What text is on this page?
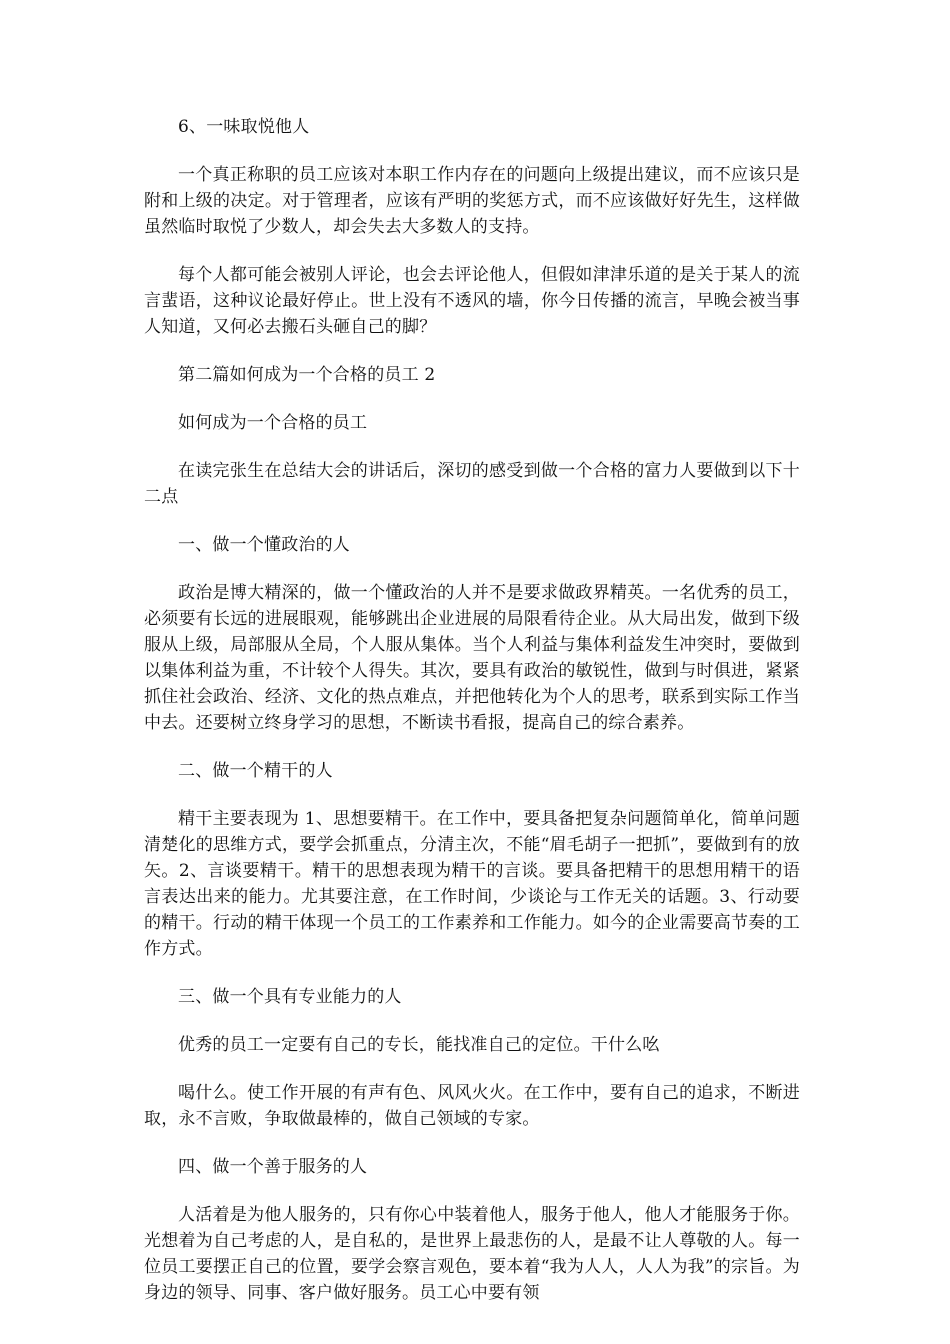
6、一味取悦他人

一个真正称职的员工应该对本职工作内存在的问题向上级提出建议，而不应该只是附和上级的决定。对于管理者，应该有严明的奖惩方式，而不应该做好好先生，这样做虽然临时取悦了少数人，却会失去大多数人的支持。

每个人都可能会被别人评论，也会去评论他人，但假如津津乐道的是关于某人的流言蜚语，这种议论最好停止。世上没有不透风的墙，你今日传播的流言，早晚会被当事人知道，又何必去搬石头砸自己的脚？

第二篇如何成为一个合格的员工 2

如何成为一个合格的员工

在读完张生在总结大会的讲话后，深切的感受到做一个合格的富力人要做到以下十二点

一、做一个懂政治的人

政治是博大精深的，做一个懂政治的人并不是要求做政界精英。一名优秀的员工，必须要有长远的进展眼观，能够跳出企业进展的局限看待企业。从大局出发，做到下级服从上级，局部服从全局，个人服从集体。当个人利益与集体利益发生冲突时，要做到以集体利益为重，不计较个人得失。其次，要具有政治的敏锐性，做到与时俱进，紧紧抓住社会政治、经济、文化的热点难点，并把他转化为个人的思考，联系到实际工作当中去。还要树立终身学习的思想，不断读书看报，提高自己的综合素养。

二、做一个精干的人

精干主要表现为 1、思想要精干。在工作中，要具备把复杂问题简单化，简单问题清楚化的思维方式，要学会抓重点，分清主次，不能“眉毛胡子一把抓”，要做到有的放矢。2、言谈要精干。精干的思想表现为精干的言谈。要具备把精干的思想用精干的语言表达出来的能力。尤其要注意，在工作时间，少谈论与工作无关的话题。3、行动要的精干。行动的精干体现一个员工的工作素养和工作能力。如今的企业需要高节奏的工作方式。

三、做一个具有专业能力的人

优秀的员工一定要有自己的专长，能找准自己的定位。干什么吆

喝什么。使工作开展的有声有色、风风火火。在工作中，要有自己的追求，不断进取，永不言败，争取做最棒的，做自己领域的专家。

四、做一个善于服务的人

人活着是为他人服务的，只有你心中装着他人，服务于他人，他人才能服务于你。光想着为自己考虑的人，是自私的，是世界上最悲伤的人，是最不让人尊敬的人。每一位员工要摆正自己的位置，要学会察言观色，要本着“我为人人，人人为我”的宗旨。为身边的领导、同事、客户做好服务。员工心中要有领
